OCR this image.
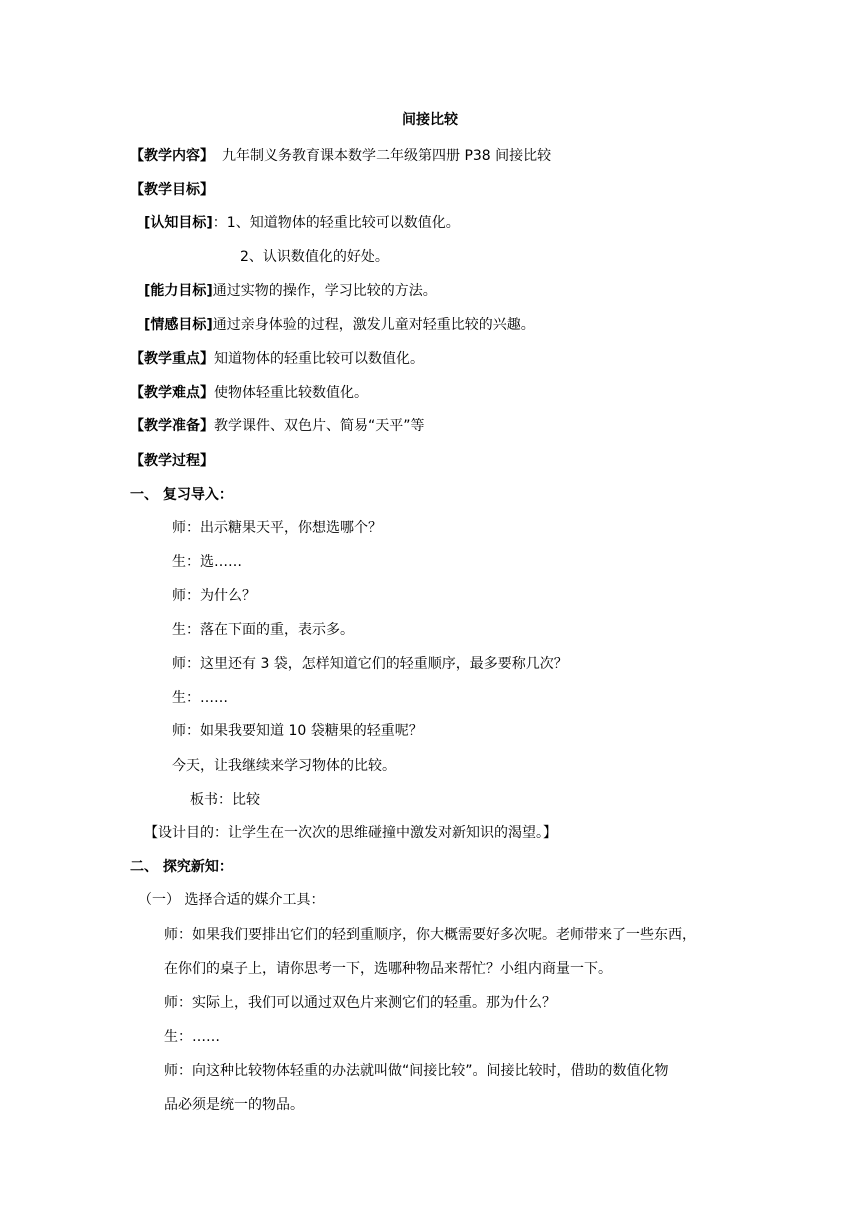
间接比较
【教学内容】 九年制义务教育课本数学二年级第四册 P38 间接比较
【教学目标】
[认知目标]：1、知道物体的轻重比较可以数值化。
2、认识数值化的好处。
[能力目标]通过实物的操作，学习比较的方法。
[情感目标]通过亲身体验的过程，激发儿童对轻重比较的兴趣。
【教学重点】知道物体的轻重比较可以数值化。
【教学难点】使物体轻重比较数值化。
【教学准备】教学课件、双色片、简易“天平”等
【教学过程】
一、 复习导入：
师：出示糖果天平，你想选哪个？
生：选……
师：为什么？
生：落在下面的重，表示多。
师：这里还有 3 袋，怎样知道它们的轻重顺序，最多要称几次？
生：……
师：如果我要知道 10 袋糖果的轻重呢？
今天，让我继续来学习物体的比较。
板书：比较
【设计目的：让学生在一次次的思维碰撞中激发对新知识的渴望。】
二、 探究新知：
（一） 选择合适的媒介工具：
师：如果我们要排出它们的轻到重顺序，你大概需要好多次呢。老师带来了一些东西，
在你们的桌子上，请你思考一下，选哪种物品来帮忙？小组内商量一下。
师：实际上，我们可以通过双色片来测它们的轻重。那为什么？
生：……
师：向这种比较物体轻重的办法就叫做“间接比较”。间接比较时，借助的数值化物
品必须是统一的物品。
